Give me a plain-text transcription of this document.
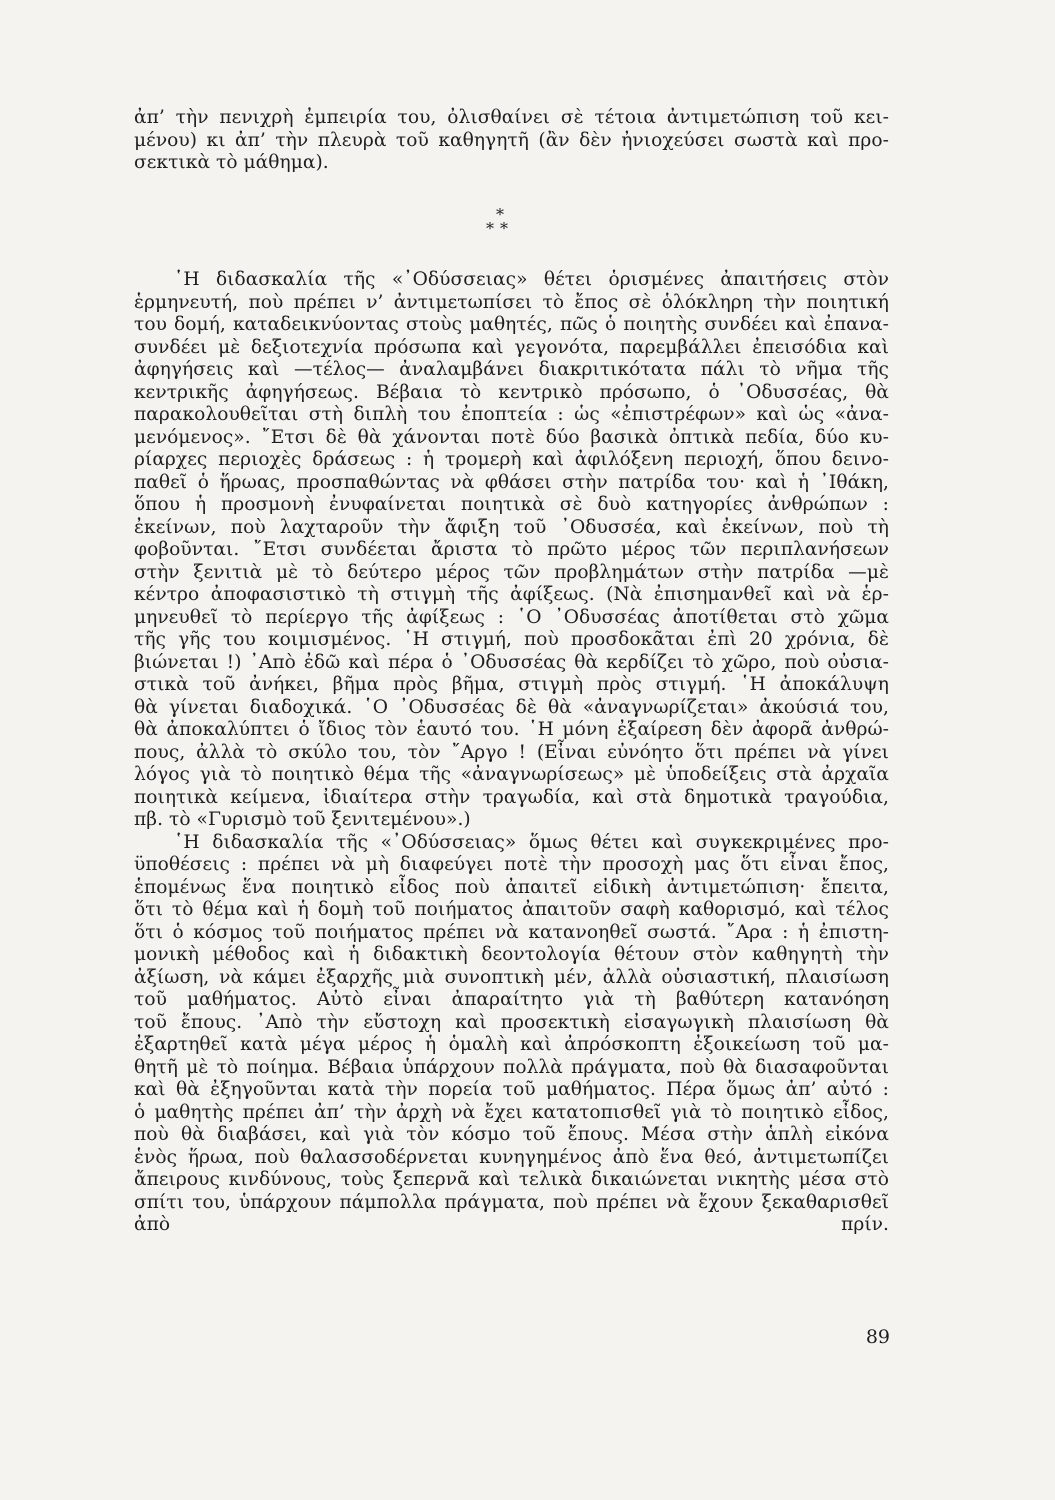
ἀπ’ τὴν πενιχρὴ ἐμπειρία του, ὀλισθαίνει σὲ τέτοια ἀντιμετώπιση τοῦ κει-
μένου) κι ἀπ’ τὴν πλευρὰ τοῦ καθηγητῆ (ἂν δὲν ἠνιοχεύσει σωστὰ καὶ προ-
σεκτικὰ τὸ μάθημα).
*
**
῾Η διδασκαλία τῆς «᾿Οδύσσειας» θέτει ὁρισμένες ἀπαιτήσεις στὸν
ἑρμηνευτή, ποὺ πρέπει ν’ ἀντιμετωπίσει τὸ ἔπος σὲ ὁλόκληρη τὴν ποιητική
του δομή, καταδεικνύοντας στοὺς μαθητές, πῶς ὁ ποιητὴς συνδέει καὶ ἐπανα-
συνδέει μὲ δεξιοτεχνία πρόσωπα καὶ γεγονότα, παρεμβάλλει ἐπεισόδια καὶ
ἀφηγήσεις καὶ —τέλος— ἀναλαμβάνει διακριτικότατα πάλι τὸ νῆμα τῆς
κεντρικῆς ἀφηγήσεως. Βέβαια τὸ κεντρικὸ πρόσωπο, ὁ ᾿Οδυσσέας, θὰ
παρακολουθεῖται στὴ διπλὴ του ἐποπτεία : ὡς «ἐπιστρέφων» καὶ ὡς «ἀνα-
μενόμενος». ῎Ετσι δὲ θὰ χάνονται ποτὲ δύο βασικὰ ὀπτικὰ πεδία, δύο κυ-
ρίαρχες περιοχὲς δράσεως : ἡ τρομερὴ καὶ ἀφιλόξενη περιοχή, ὅπου δεινο-
παθεῖ ὁ ἥρωας, προσπαθώντας νὰ φθάσει στὴν πατρίδα του· καὶ ἡ ᾿Ιθάκη,
ὅπου ἡ προσμονὴ ἐνυφαίνεται ποιητικὰ σὲ δυὸ κατηγορίες ἀνθρώπων :
ἐκείνων, ποὺ λαχταροῦν τὴν ἄφιξη τοῦ ᾿Οδυσσέα, καὶ ἐκείνων, ποὺ τὴ
φοβοῦνται. ῎Ετσι συνδέεται ἄριστα τὸ πρῶτο μέρος τῶν περιπλανήσεων
στὴν ξενιτιὰ μὲ τὸ δεύτερο μέρος τῶν προβλημάτων στὴν πατρίδα —μὲ
κέντρο ἀποφασιστικὸ τὴ στιγμὴ τῆς ἀφίξεως. (Νὰ ἐπισημανθεῖ καὶ νὰ ἑρ-
μηνευθεῖ τὸ περίεργο τῆς ἀφίξεως : ῾Ο ᾿Οδυσσέας ἀποτίθεται στὸ χῶμα
τῆς γῆς του κοιμισμένος. ῾Η στιγμή, ποὺ προσδοκᾶται ἐπὶ 20 χρόνια, δὲ
βιώνεται !) ᾿Απὸ ἐδῶ καὶ πέρα ὁ ᾿Οδυσσέας θὰ κερδίζει τὸ χῶρο, ποὺ οὐσια-
στικὰ τοῦ ἀνήκει, βῆμα πρὸς βῆμα, στιγμὴ πρὸς στιγμή. ῾Η ἀποκάλυψη
θὰ γίνεται διαδοχικά. ῾Ο ᾿Οδυσσέας δὲ θὰ «ἀναγνωρίζεται» ἀκούσιά του,
θὰ ἀποκαλύπτει ὁ ἴδιος τὸν ἑαυτό του. ῾Η μόνη ἐξαίρεση δὲν ἀφορᾶ ἀνθρώ-
πους, ἀλλὰ τὸ σκύλο του, τὸν ῎Αργο ! (Εἶναι εὐνόητο ὅτι πρέπει νὰ γίνει
λόγος γιὰ τὸ ποιητικὸ θέμα τῆς «ἀναγνωρίσεως» μὲ ὑποδείξεις στὰ ἀρχαῖα
ποιητικὰ κείμενα, ἰδιαίτερα στὴν τραγωδία, καὶ στὰ δημοτικὰ τραγούδια,
πβ. τὸ «Γυρισμὸ τοῦ ξενιτεμένου».)
῾Η διδασκαλία τῆς «᾿Οδύσσειας» ὅμως θέτει καὶ συγκεκριμένες προ-
ϋποθέσεις : πρέπει νὰ μὴ διαφεύγει ποτὲ τὴν προσοχὴ μας ὅτι εἶναι ἔπος,
ἑπομένως ἕνα ποιητικὸ εἶδος ποὺ ἀπαιτεῖ εἰδικὴ ἀντιμετώπιση· ἔπειτα,
ὅτι τὸ θέμα καὶ ἡ δομὴ τοῦ ποιήματος ἀπαιτοῦν σαφὴ καθορισμό, καὶ τέλος
ὅτι ὁ κόσμος τοῦ ποιήματος πρέπει νὰ κατανοηθεῖ σωστά. ῎Αρα : ἡ ἐπιστη-
μονικὴ μέθοδος καὶ ἡ διδακτικὴ δεοντολογία θέτουν στὸν καθηγητὴ τὴν
ἀξίωση, νὰ κάμει ἐξαρχῆς μιὰ συνοπτικὴ μέν, ἀλλὰ οὐσιαστική, πλαισίωση
τοῦ μαθήματος. Αὐτὸ εἶναι ἀπαραίτητο γιὰ τὴ βαθύτερη κατανόηση
τοῦ ἔπους. ᾿Απὸ τὴν εὔστοχη καὶ προσεκτικὴ εἰσαγωγικὴ πλαισίωση θὰ
ἐξαρτηθεῖ κατὰ μέγα μέρος ἡ ὁμαλὴ καὶ ἀπρόσκοπτη ἐξοικείωση τοῦ μα-
θητῆ μὲ τὸ ποίημα. Βέβαια ὑπάρχουν πολλὰ πράγματα, ποὺ θὰ διασαφοῦνται
καὶ θὰ ἐξηγοῦνται κατὰ τὴν πορεία τοῦ μαθήματος. Πέρα ὅμως ἀπ’ αὐτό :
ὁ μαθητὴς πρέπει ἀπ’ τὴν ἀρχὴ νὰ ἔχει κατατοπισθεῖ γιὰ τὸ ποιητικὸ εἶδος,
ποὺ θὰ διαβάσει, καὶ γιὰ τὸν κόσμο τοῦ ἔπους. Μέσα στὴν ἁπλὴ εἰκόνα
ἑνὸς ἥρωα, ποὺ θαλασσοδέρνεται κυνηγημένος ἀπὸ ἕνα θεό, ἀντιμετωπίζει
ἄπειρους κινδύνους, τοὺς ξεπερνᾶ καὶ τελικὰ δικαιώνεται νικητὴς μέσα στὸ
σπίτι του, ὑπάρχουν πάμπολλα πράγματα, ποὺ πρέπει νὰ ἔχουν ξεκαθαρισθεῖ
ἀπὸ πρίν.
89
